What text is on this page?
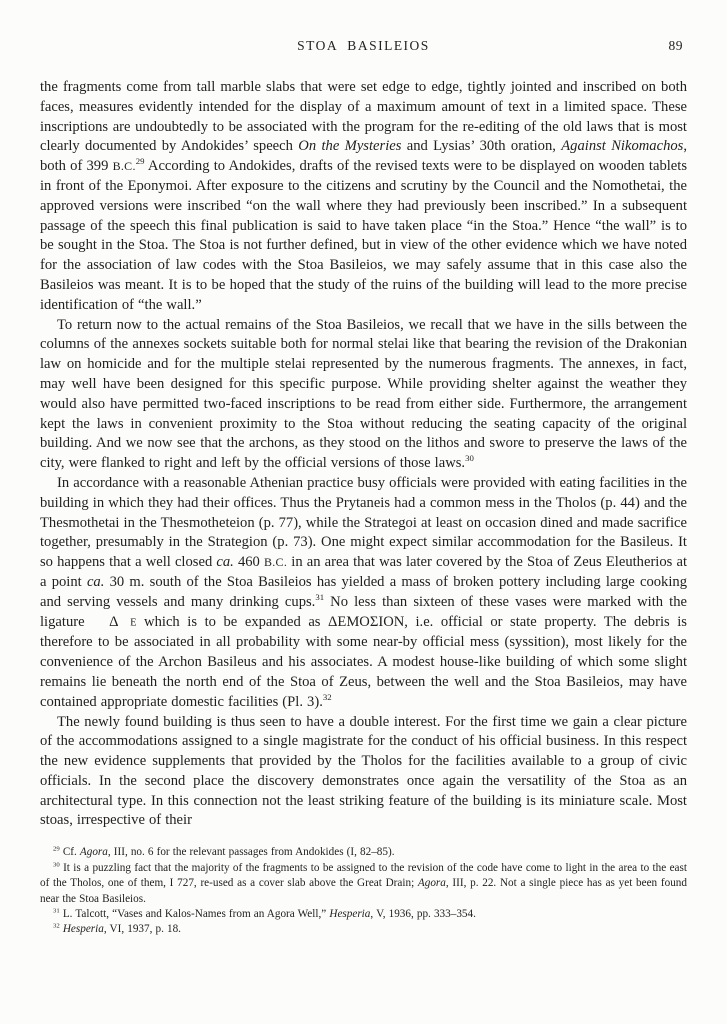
STOA BASILEIOS	89

the fragments come from tall marble slabs that were set edge to edge, tightly jointed and inscribed on both faces, measures evidently intended for the display of a maximum amount of text in a limited space. These inscriptions are undoubtedly to be associated with the program for the re-editing of the old laws that is most clearly documented by Andokides’ speech On the Mysteries and Lysias’ 30th oration, Against Nikomachos, both of 399 B.C.$^{29}$ According to Andokides, drafts of the revised texts were to be displayed on wooden tablets in front of the Eponymoi. After exposure to the citizens and scrutiny by the Council and the Nomothetai, the approved versions were inscribed “on the wall where they had previously been inscribed.” In a subsequent passage of the speech this final publication is said to have taken place “in the Stoa.” Hence “the wall” is to be sought in the Stoa. The Stoa is not further defined, but in view of the other evidence which we have noted for the association of law codes with the Stoa Basileios, we may safely assume that in this case also the Basileios was meant. It is to be hoped that the study of the ruins of the building will lead to the more precise identification of “the wall.”

To return now to the actual remains of the Stoa Basileios, we recall that we have in the sills between the columns of the annexes sockets suitable both for normal stelai like that bearing the revision of the Drakonian law on homicide and for the multiple stelai represented by the numerous fragments. The annexes, in fact, may well have been designed for this specific purpose. While providing shelter against the weather they would also have permitted two-faced inscriptions to be read from either side. Furthermore, the arrangement kept the laws in convenient proximity to the Stoa without reducing the seating capacity of the original building. And we now see that the archons, as they stood on the lithos and swore to preserve the laws of the city, were flanked to right and left by the official versions of those laws.$^{30}$

In accordance with a reasonable Athenian practice busy officials were provided with eating facilities in the building in which they had their offices. Thus the Prytaneis had a common mess in the Tholos (p. 44) and the Thesmothetai in the Thesmotheteion (p. 77), while the Strategoi at least on occasion dined and made sacrifice together, presumably in the Strategion (p. 73). One might expect similar accommodation for the Basileus. It so happens that a well closed ca. 460 B.C. in an area that was later covered by the Stoa of Zeus Eleutherios at a point ca. 30 m. south of the Stoa Basileios has yielded a mass of broken pottery including large cooking and serving vessels and many drinking cups.$^{31}$ No less than sixteen of these vases were marked with the ligature Δ Ε which is to be expanded as ΔΕΜΟΣΙΟΝ, i.e. official or state property. The debris is therefore to be associated in all probability with some near-by official mess (syssition), most likely for the convenience of the Archon Basileus and his associates. A modest house-like building of which some slight remains lie beneath the north end of the Stoa of Zeus, between the well and the Stoa Basileios, may have contained appropriate domestic facilities (Pl. 3).$^{32}$

The newly found building is thus seen to have a double interest. For the first time we gain a clear picture of the accommodations assigned to a single magistrate for the conduct of his official business. In this respect the new evidence supplements that provided by the Tholos for the facilities available to a group of civic officials. In the second place the discovery demonstrates once again the versatility of the Stoa as an architectural type. In this connection not the least striking feature of the building is its miniature scale. Most stoas, irrespective of their

$^{29}$ Cf. Agora, III, no. 6 for the relevant passages from Andokides (I, 82–85).

$^{30}$ It is a puzzling fact that the majority of the fragments to be assigned to the revision of the code have come to light in the area to the east of the Tholos, one of them, I 727, re-used as a cover slab above the Great Drain; Agora, III, p. 22. Not a single piece has as yet been found near the Stoa Basileios.

$^{31}$ L. Talcott, “Vases and Kalos-Names from an Agora Well,” Hesperia, V, 1936, pp. 333–354.

$^{32}$ Hesperia, VI, 1937, p. 18.
